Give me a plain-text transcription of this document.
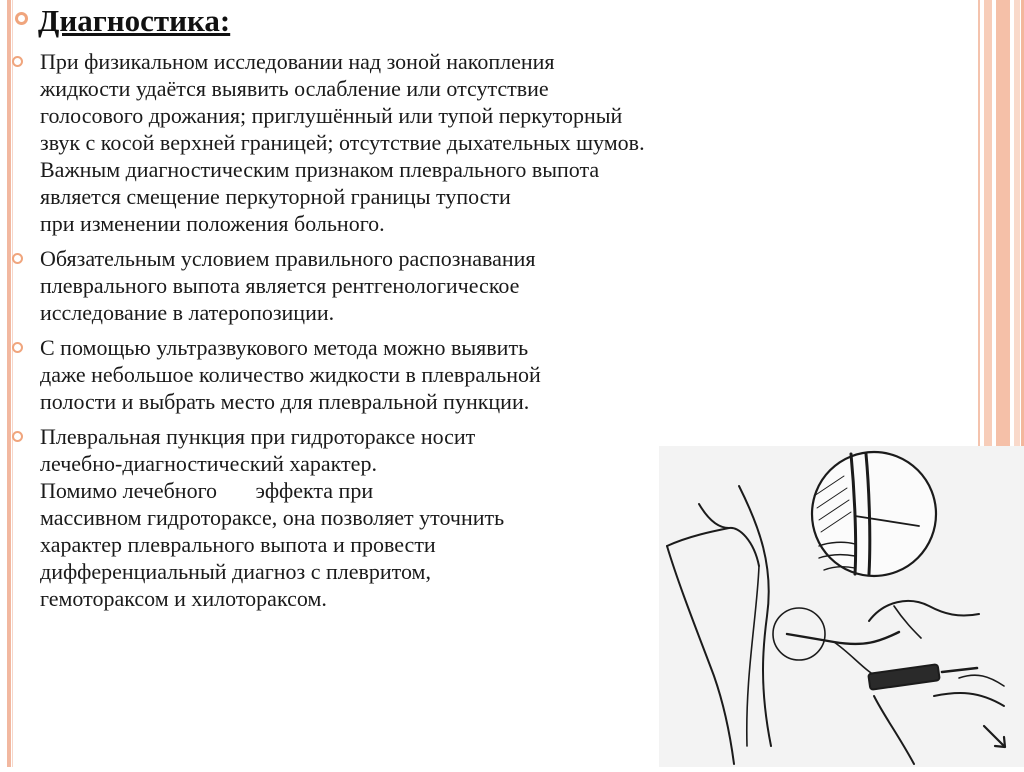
Диагностика:
При физикальном исследовании над зоной накопления
жидкости удаётся выявить ослабление или отсутствие
голосового дрожания; приглушённый или тупой перкуторный
звук с косой верхней границей; отсутствие дыхательных шумов.
Важным диагностическим признаком плеврального выпота
является смещение перкуторной границы тупости
при изменении положения больного.
Обязательным условием правильного распознавания
плеврального выпота является рентгенологическое
исследование в латеропозиции.
С помощью ультразвукового метода можно выявить
даже небольшое количество жидкости в плевральной
полости и выбрать место для плевральной пункции.
Плевральная пункция при гидротораксе носит
лечебно-диагностический характер.
Помимо лечебного       эффекта при
массивном гидротораксе, она позволяет уточнить
характер плеврального выпота и провести
дифференциальный диагноз с плевритом,
гемотораксом и хилотораксом.
